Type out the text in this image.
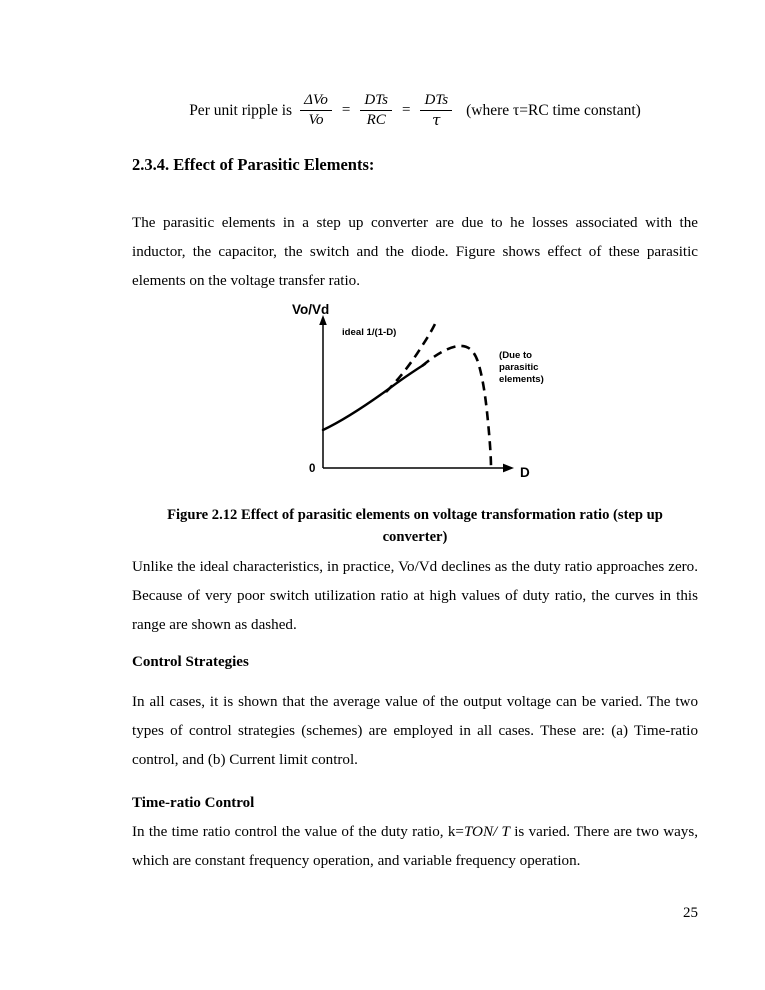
Per unit ripple is $\frac{\text{ΔVo}}{Vo} = \frac{\text{DTs}}{RC} = \frac{\text{DTs}}{\tau}$ (where τ=RC time constant)
2.3.4. Effect of Parasitic Elements:

The parasitic elements in a step up converter are due to he losses associated with the inductor, the capacitor, the switch and the diode. Figure shows effect of these parasitic elements on the voltage transfer ratio.

Vo/Vd
D
0
ideal 1/(1-D)
(Due to
parasitic
elements)
Figure 2.12 Effect of parasitic elements on voltage transformation ratio (step up converter)

Unlike the ideal characteristics, in practice, Vo/Vd declines as the duty ratio approaches zero. Because of very poor switch utilization ratio at high values of duty ratio, the curves in this range are shown as dashed.

Control Strategies

In all cases, it is shown that the average value of the output voltage can be varied. The two types of control strategies (schemes) are employed in all cases. These are: (a) Time-ratio control, and (b) Current limit control.

Time-ratio Control

In the time ratio control the value of the duty ratio, k=TON/ T is varied. There are two ways, which are constant frequency operation, and variable frequency operation.

25
